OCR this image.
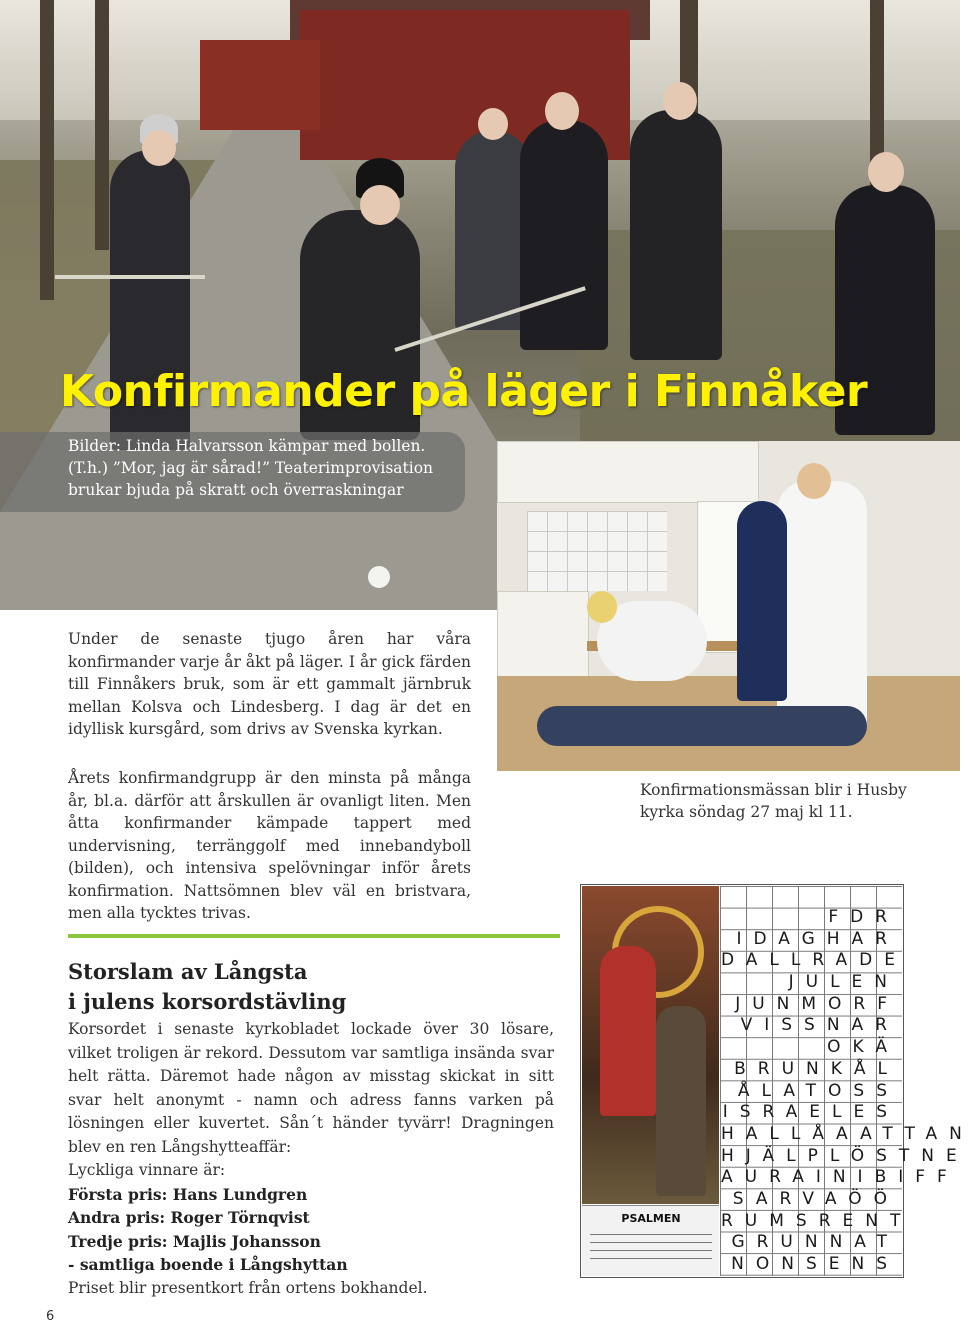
Konfirmander på läger i Finnåker

Bilder: Linda Halvarsson kämpar med bollen. (T.h.) ”Mor, jag är sårad!” Teaterimprovisation brukar bjuda på skratt och överraskningar

Under de senaste tjugo åren har våra konfirmander varje år åkt på läger. I år gick färden till Finnåkers bruk, som är ett gammalt järnbruk mellan Kolsva och Lindesberg. I dag är det en idyllisk kursgård, som drivs av Svenska kyrkan.

Årets konfirmandgrupp är den minsta på många år, bl.a. därför att årskullen är ovanligt liten. Men åtta konfirmander kämpade tappert med undervisning, terränggolf med innebandyboll (bilden), och intensiva spelövningar inför årets konfirmation. Nattsömnen blev väl en bristvara, men alla tycktes trivas.

Konfirmationsmässan blir i Husby kyrka söndag 27 maj kl 11.

Storslam av Långsta
i julens korsordstävling

Korsordet i senaste kyrkobladet lockade över 30 lösare, vilket troligen är rekord. Dessutom var samtliga insända svar helt rätta. Däremot hade någon av misstag skickat in sitt svar helt anonymt - namn och adress fanns varken på lösningen eller kuvertet. Sån´t händer tyvärr! Dragningen blev en ren Långshytteaffär:

Lyckliga vinnare är:

Första pris: Hans Lundgren

Andra pris: Roger Törnqvist

Tredje pris: Majlis Johansson

- samtliga boende i Långshyttan

Priset blir presentkort från ortens bokhandel.

FDR
IDAGHAR
DALLRADE
JULEN
JUNMORF
VISSNAR
OKÄ
BRUNKÅL
ÅLATOSS
ISRAELES
HALLÅAATTAN
HJÄLPLÖSTNE
AURAINIBIFF
SARVAÖÖ
RUMSRENT
GRUNNAT
NONSENS
PSALMEN
6
